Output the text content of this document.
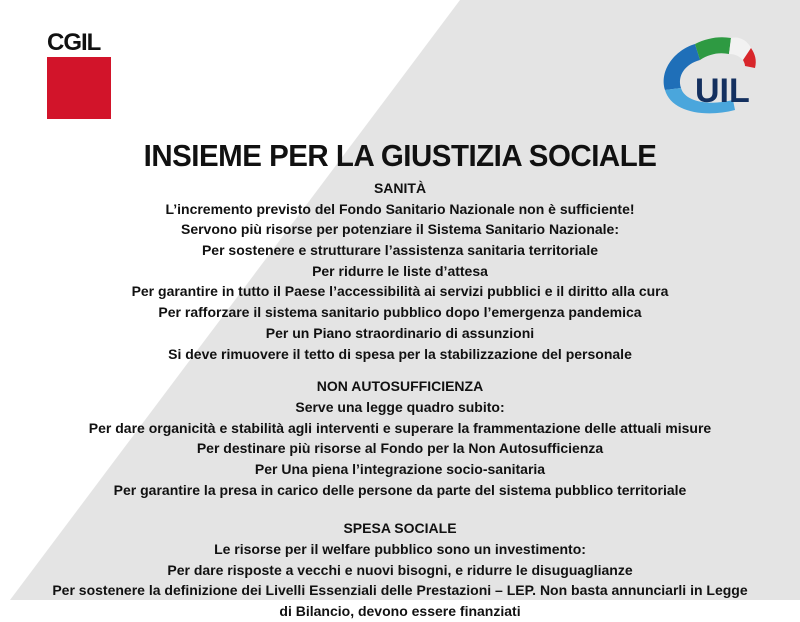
CGIL
UIL
INSIEME PER LA GIUSTIZIA SOCIALE
SANITÀ
L’incremento previsto del Fondo Sanitario Nazionale non è sufficiente!
Servono più risorse per potenziare il Sistema Sanitario Nazionale:
Per sostenere e strutturare l’assistenza sanitaria territoriale
Per ridurre le liste d’attesa
Per garantire in tutto il Paese l’accessibilità ai servizi pubblici e il diritto alla cura
Per rafforzare il sistema sanitario pubblico dopo l’emergenza pandemica
Per un Piano straordinario di assunzioni
Si deve rimuovere il tetto di spesa per la stabilizzazione del personale
NON AUTOSUFFICIENZA
Serve una legge quadro subito:
Per dare organicità e stabilità agli interventi e superare la frammentazione delle attuali misure
Per destinare più risorse al Fondo per la Non Autosufficienza
Per Una piena l’integrazione socio-sanitaria
Per garantire la presa in carico delle persone da parte del sistema pubblico territoriale
SPESA SOCIALE
Le risorse per il welfare pubblico sono un investimento:
Per dare risposte a vecchi e nuovi bisogni, e ridurre le disuguaglianze
Per sostenere la definizione dei Livelli Essenziali delle Prestazioni – LEP. Non basta annunciarli in Legge
di Bilancio, devono essere finanziati
